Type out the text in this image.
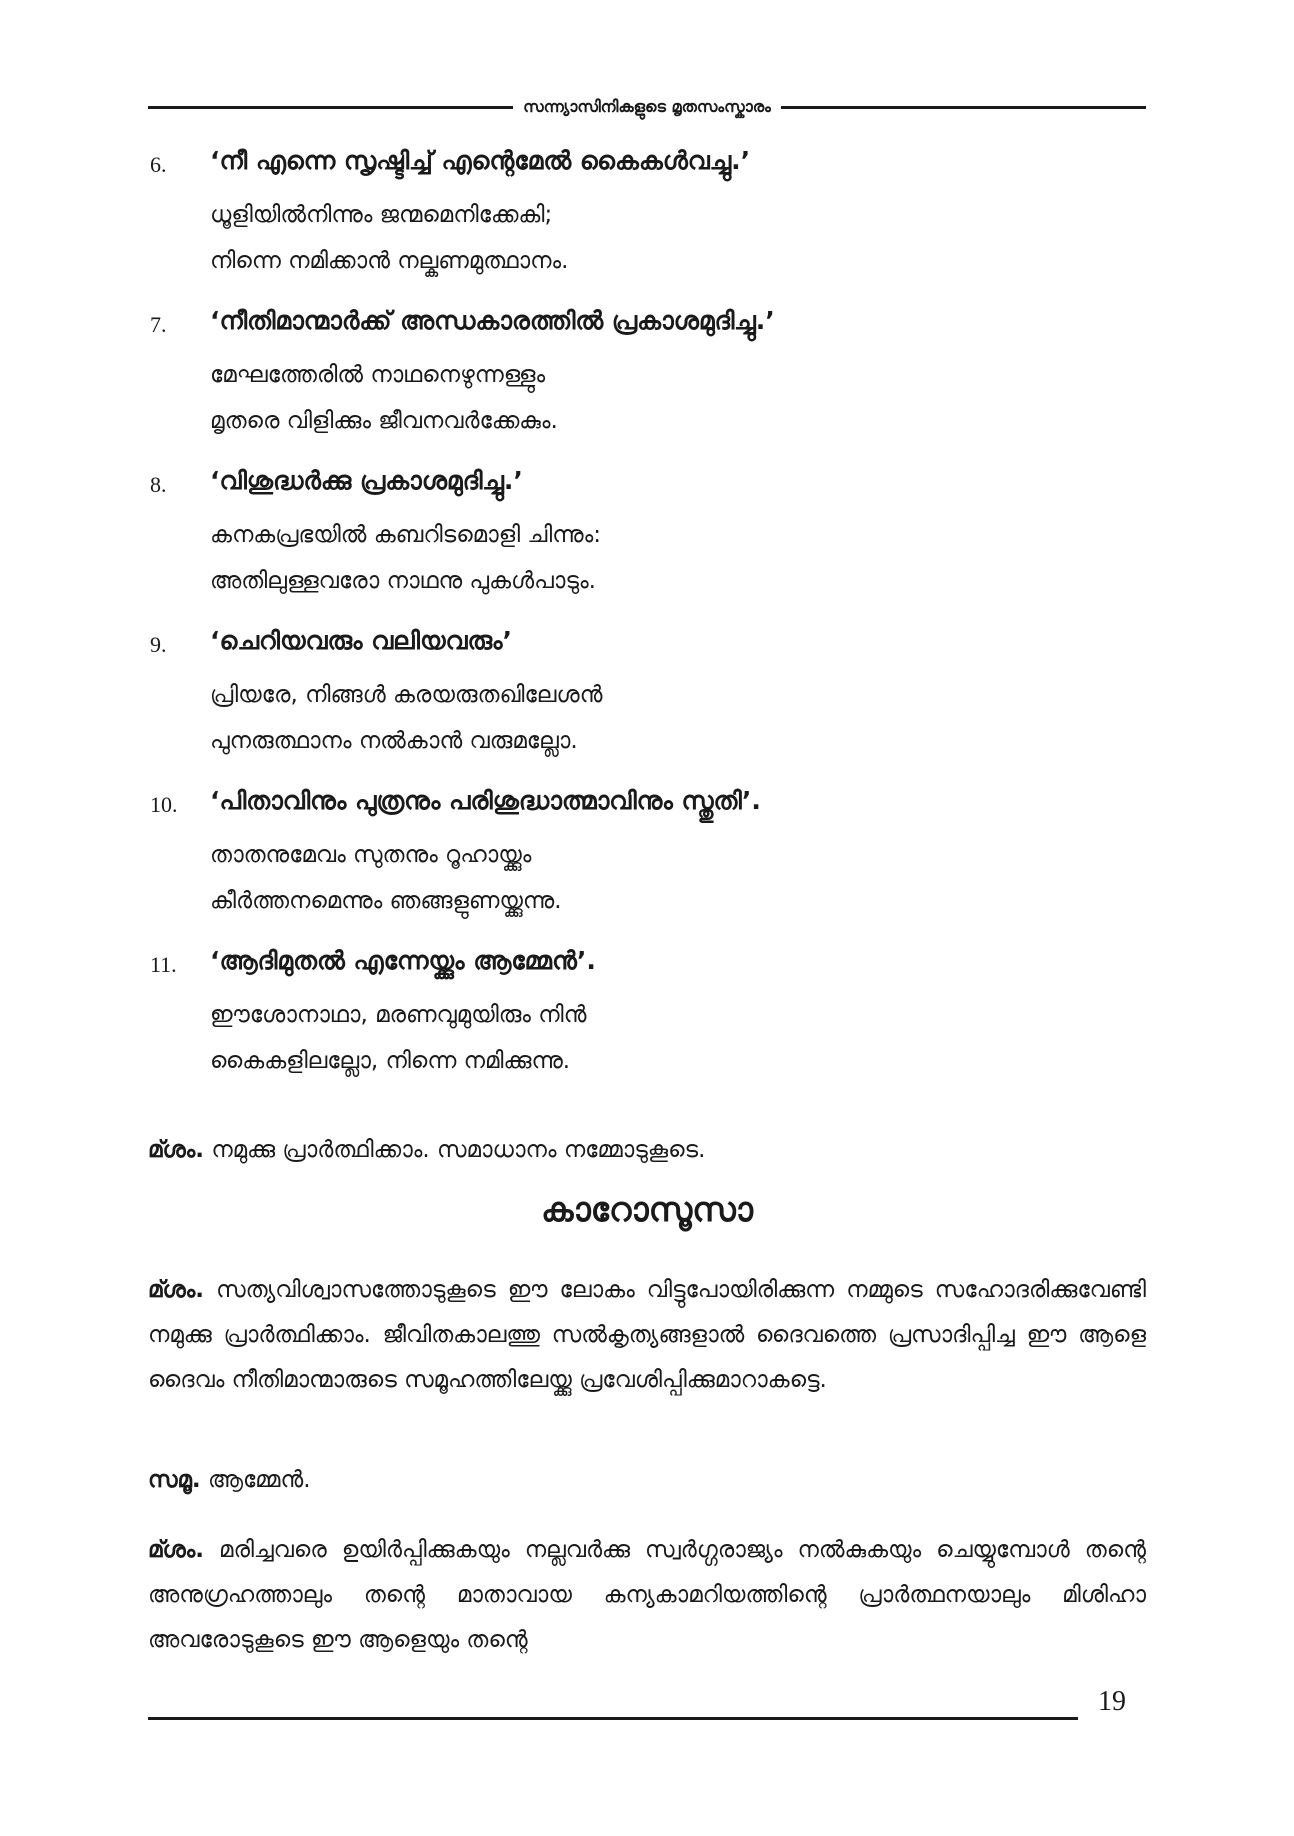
സന്ന്യാസിനികളുടെ മൃതസംസ്കാരം
6. ‘നീ എന്നെ സൃഷ്ടിച്ച് എന്റെമേൽ കൈകൾവച്ചു.’
ധൂളിയിൽനിന്നും ജന്മമെനിക്കേകി;
നിന്നെ നമിക്കാൻ നല്കണമുത്ഥാനം.
7. ‘നീതിമാന്മാർക്ക് അന്ധകാരത്തിൽ പ്രകാശമുദിച്ചു.’
മേഘത്തേരിൽ നാഥനെഴുന്നള്ളും
മൃതരെ വിളിക്കും ജീവനവർക്കേകും.
8. ‘വിശുദ്ധർക്കു പ്രകാശമുദിച്ചു.’
കനകപ്രഭയിൽ കബറിടമൊളി ചിന്നും:
അതിലുള്ളവരോ നാഥനു പുകൾപാടും.
9. ‘ചെറിയവരും വലിയവരും’
പ്രിയരേ, നിങ്ങൾ കരയരുതഖിലേശൻ
പുനരുത്ഥാനം നൽകാൻ വരുമല്ലോ.
10. ‘പിതാവിനും പുത്രനും പരിശുദ്ധാത്മാവിനും സ്തുതി’.
താതനുമേവം സുതനും റൂഹായ്ക്കും
കീർത്തനമെന്നും ഞങ്ങളുണയ്ക്കുന്നു.
11. ‘ആദിമുതൽ എന്നേയ്ക്കും ആമ്മേൻ’.
ഈശോനാഥാ, മരണവുമുയിരും നിൻ
കൈകളിലല്ലോ, നിന്നെ നമിക്കുന്നു.

മ്ശം. നമുക്കു പ്രാർത്ഥിക്കാം. സമാധാനം നമ്മോടുകൂടെ.

കാറോസൂസാ

മ്ശം. സത്യവിശ്വാസത്തോടുകൂടെ ഈ ലോകം വിട്ടുപോയിരിക്കുന്ന നമ്മുടെ സഹോദരിക്കുവേണ്ടി നമുക്കു പ്രാർത്ഥിക്കാം. ജീവിതകാലത്തു സൽകൃത്യങ്ങളാൽ ദൈവത്തെ പ്രസാദിപ്പിച്ച ഈ ആളെ ദൈവം നീതിമാന്മാരുടെ സമൂഹത്തിലേയ്ക്കു പ്രവേശിപ്പിക്കുമാറാകട്ടെ.

സമൂ. ആമ്മേൻ.

മ്ശം. മരിച്ചവരെ ഉയിർപ്പിക്കുകയും നല്ലവർക്കു സ്വർഗ്ഗരാജ്യം നൽകുകയും ചെയ്യുമ്പോൾ തന്റെ അനുഗ്രഹത്താലും തന്റെ മാതാവായ കന്യകാമറിയത്തിന്റെ പ്രാർത്ഥനയാലും മിശിഹാ അവരോടുകൂടെ ഈ ആളെയും തന്റെ

19
